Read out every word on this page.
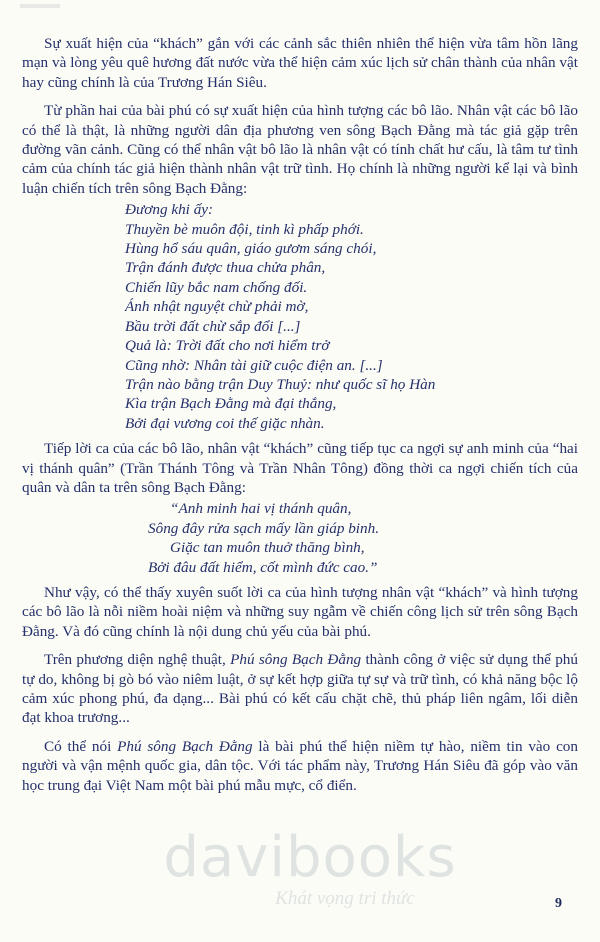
Sự xuất hiện của “khách” gắn với các cảnh sắc thiên nhiên thể hiện vừa tâm hồn lãng mạn và lòng yêu quê hương đất nước vừa thể hiện cảm xúc lịch sử chân thành của nhân vật hay cũng chính là của Trương Hán Siêu.

Từ phần hai của bài phú có sự xuất hiện của hình tượng các bô lão. Nhân vật các bô lão có thể là thật, là những người dân địa phương ven sông Bạch Đằng mà tác giả gặp trên đường vãn cảnh. Cũng có thể nhân vật bô lão là nhân vật có tính chất hư cấu, là tâm tư tình cảm của chính tác giả hiện thành nhân vật trữ tình. Họ chính là những người kể lại và bình luận chiến tích trên sông Bạch Đằng:

Đương khi ấy:

Thuyền bè muôn đội, tinh kì phấp phới.

Hùng hổ sáu quân, giáo gươm sáng chói,

Trận đánh được thua chửa phân,

Chiến lũy bắc nam chống đối.

Ánh nhật nguyệt chừ phải mờ,

Bầu trời đất chừ sắp đổi [...]

Quả là: Trời đất cho nơi hiểm trở

Cũng nhờ: Nhân tài giữ cuộc điện an. [...]

Trận nào bằng trận Duy Thuỷ: như quốc sĩ họ Hàn

Kìa trận Bạch Đằng mà đại thắng,

Bởi đại vương coi thế giặc nhàn.

Tiếp lời ca của các bô lão, nhân vật “khách” cũng tiếp tục ca ngợi sự anh minh của “hai vị thánh quân” (Trần Thánh Tông và Trần Nhân Tông) đồng thời ca ngợi chiến tích của quân và dân ta trên sông Bạch Đằng:

“Anh minh hai vị thánh quân,

Sông đây rửa sạch mấy lần giáp binh.

Giặc tan muôn thuở thăng bình,

Bởi đâu đất hiểm, cốt mình đức cao.”

Như vậy, có thể thấy xuyên suốt lời ca của hình tượng nhân vật “khách” và hình tượng các bô lão là nỗi niềm hoài niệm và những suy ngẫm về chiến công lịch sử trên sông Bạch Đằng. Và đó cũng chính là nội dung chủ yếu của bài phú.

Trên phương diện nghệ thuật, Phú sông Bạch Đằng thành công ở việc sử dụng thể phú tự do, không bị gò bó vào niêm luật, ở sự kết hợp giữa tự sự và trữ tình, có khả năng bộc lộ cảm xúc phong phú, đa dạng... Bài phú có kết cấu chặt chẽ, thủ pháp liên ngâm, lối diễn đạt khoa trương...

Có thể nói Phú sông Bạch Đằng là bài phú thể hiện niềm tự hào, niềm tin vào con người và vận mệnh quốc gia, dân tộc. Với tác phẩm này, Trương Hán Siêu đã góp vào văn học trung đại Việt Nam một bài phú mẫu mực, cổ điển.

davibooks
Khát vọng tri thức	9
